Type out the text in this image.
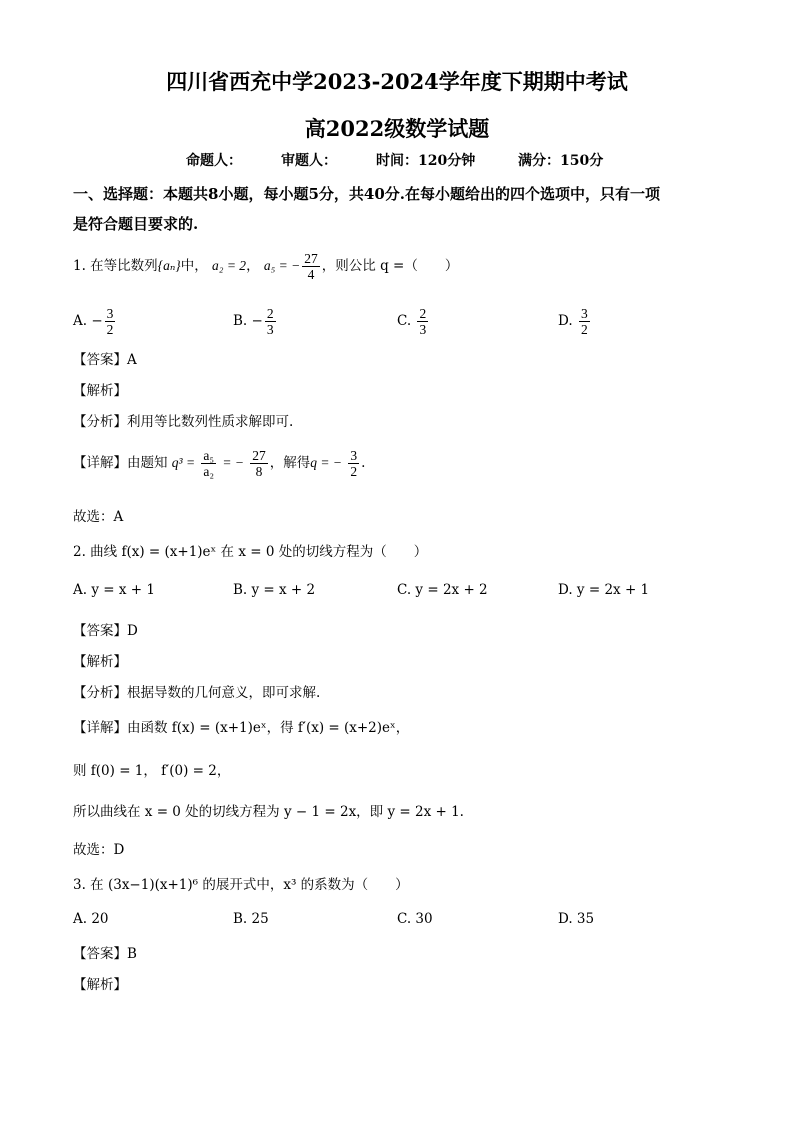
四川省西充中学2023-2024学年度下期期中考试
高2022级数学试题
命题人：	审题人：	时间：120分钟	满分：150分
一、选择题：本题共8小题，每小题5分，共40分.在每小题给出的四个选项中，只有一项
是符合题目要求的.
1. 在等比数列{aₙ}中， a₂ = 2， a₅ = − $\frac{27}{4}$ ，则公比 q =（　　）
A. − $\frac{3}{2}$	B. − $\frac{2}{3}$	C. $\frac{2}{3}$	D. $\frac{3}{2}$
【答案】A
【解析】
【分析】利用等比数列性质求解即可.
【详解】由题知 $q^3 = \frac{\text{a₅}}{\text{a₂}}$ = − $\frac{27}{8}$ ，解得q = − $\frac{3}{2}$ .
故选：A
2. 曲线 f(x) = (x+1)eˣ 在 x = 0 处的切线方程为（　　）
A. y = x + 1	B. y = x + 2	C. y = 2x + 2	D. y = 2x + 1
【答案】D
【解析】
【分析】根据导数的几何意义，即可求解.
【详解】由函数 f(x) = (x+1)eˣ，得 f′(x) = (x+2)eˣ，
则 f(0) = 1， f′(0) = 2，
所以曲线在 x = 0 处的切线方程为 y − 1 = 2x，即 y = 2x + 1.
故选：D
3. 在 (3x−1)(x+1)⁶ 的展开式中，x³ 的系数为（　　）
A. 20	B. 25	C. 30	D. 35
【答案】B
【解析】
